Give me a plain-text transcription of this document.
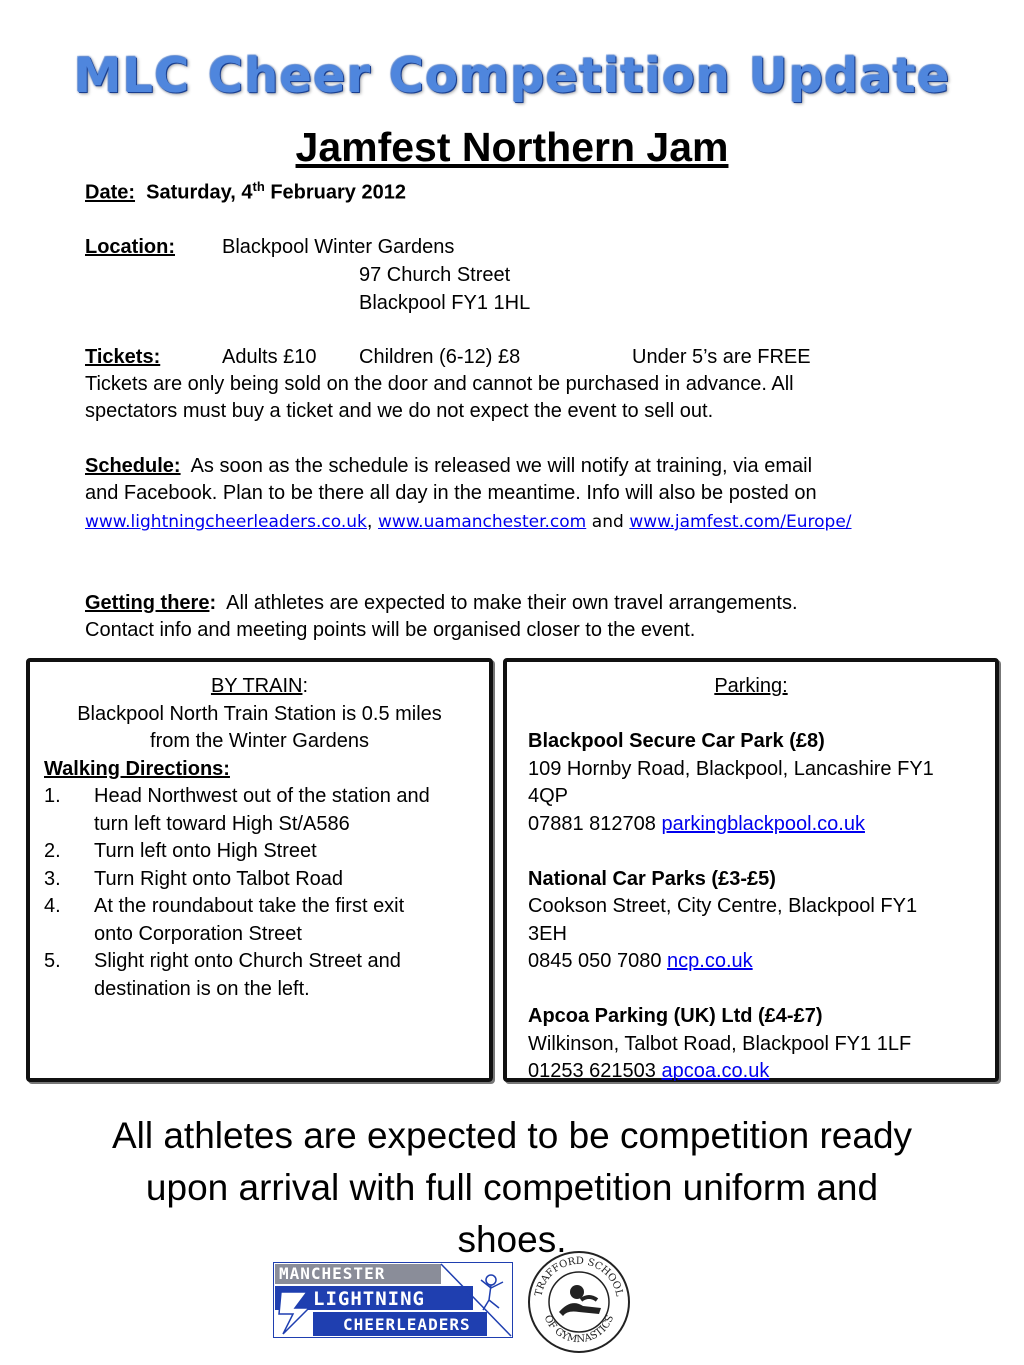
MLC Cheer Competition Update
Jamfest Northern Jam
Date: Saturday, 4th February 2012
Location: Blackpool Winter Gardens
97 Church Street
Blackpool FY1 1HL
Tickets:	Adults £10 Children (6-12) £8	Under 5’s are FREE
Tickets are only being sold on the door and cannot be purchased in advance. All
spectators must buy a ticket and we do not expect the event to sell out.
Schedule: As soon as the schedule is released we will notify at training, via email
and Facebook. Plan to be there all day in the meantime. Info will also be posted on
www.lightningcheerleaders.co.uk, www.uamanchester.com and www.jamfest.com/Europe/
Getting there: All athletes are expected to make their own travel arrangements.
Contact info and meeting points will be organised closer to the event.
BY TRAIN:
Blackpool North Train Station is 0.5 miles
from the Winter Gardens
Walking Directions:
1. Head Northwest out of the station and
turn left toward High St/A586
2. Turn left onto High Street
3. Turn Right onto Talbot Road
4. At the roundabout take the first exit
onto Corporation Street
5. Slight right onto Church Street and
destination is on the left.
Parking:
Blackpool Secure Car Park (£8)
109 Hornby Road, Blackpool, Lancashire FY1
4QP
07881 812708 parkingblackpool.co.uk
National Car Parks (£3-£5)
Cookson Street, City Centre, Blackpool FY1
3EH
0845 050 7080 ncp.co.uk
Apcoa Parking (UK) Ltd (£4-£7)
Wilkinson, Talbot Road, Blackpool FY1 1LF
01253 621503 apcoa.co.uk
All athletes are expected to be competition ready
upon arrival with full competition uniform and
shoes.
MANCHESTER
LIGHTNING
CHEERLEADERS
TRAFFORD SCHOOL
OF GYMNASTICS
